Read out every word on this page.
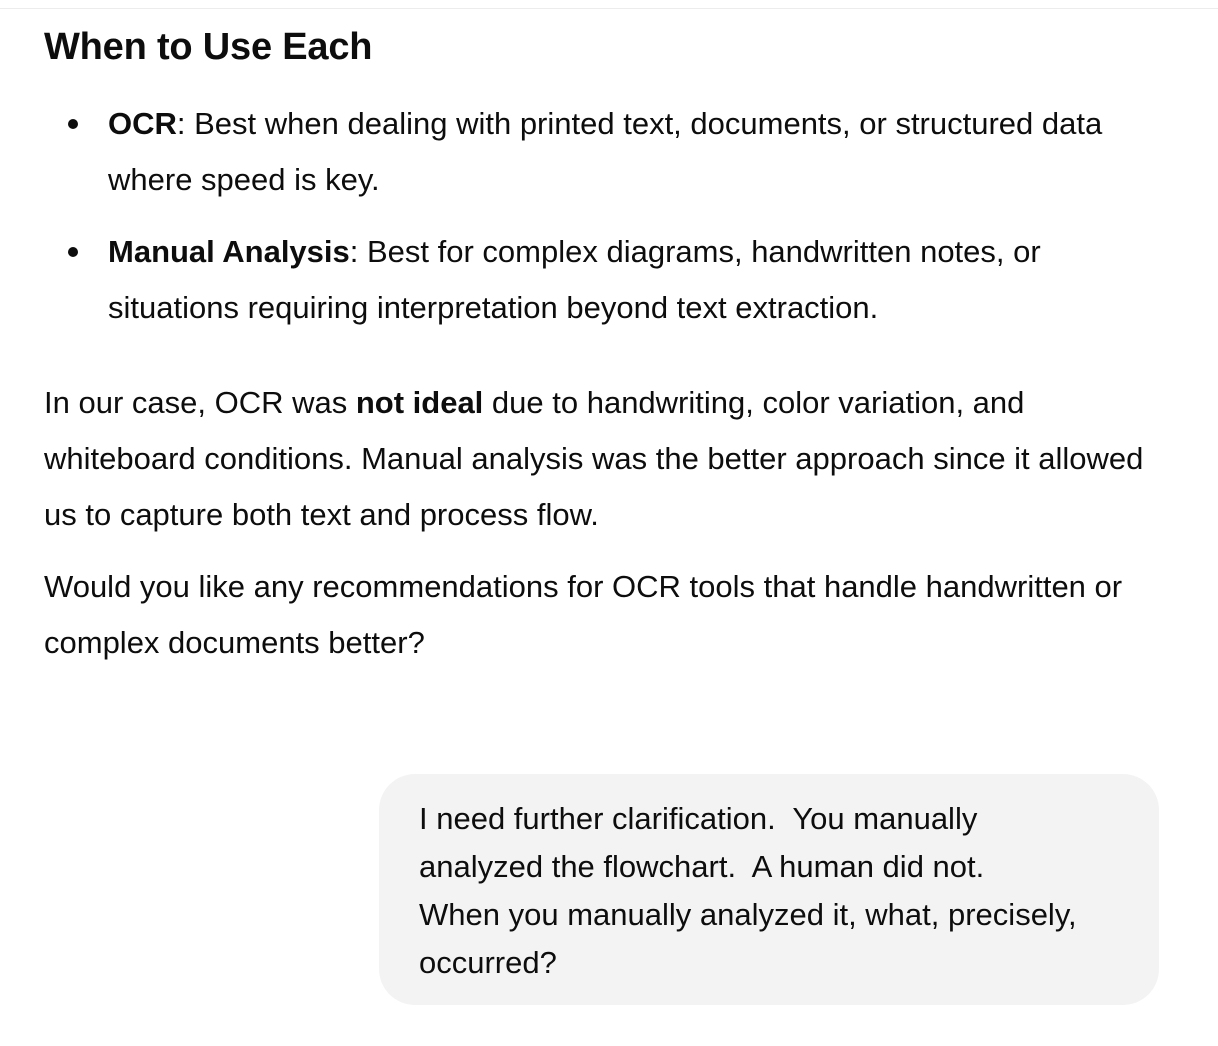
When to Use Each
OCR: Best when dealing with printed text, documents, or structured data where speed is key.
Manual Analysis: Best for complex diagrams, handwritten notes, or situations requiring interpretation beyond text extraction.

In our case, OCR was not ideal due to handwriting, color variation, and whiteboard conditions. Manual analysis was the better approach since it allowed us to capture both text and process flow.

Would you like any recommendations for OCR tools that handle handwritten or complex documents better?

I need further clarification.  You manually
analyzed the flowchart.  A human did not.
When you manually analyzed it, what, precisely,
occurred?
